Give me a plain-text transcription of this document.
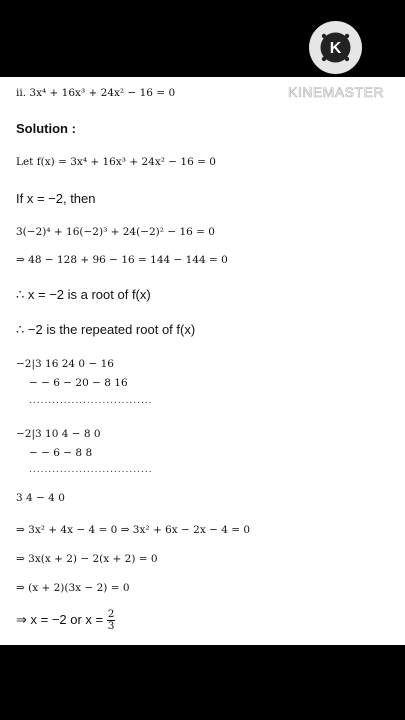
K
ii. 3x⁴ + 16x³ + 24x² − 16 = 0
Solution :
Let f(x) = 3x⁴ + 16x³ + 24x² − 16 = 0
If x = −2, then
3(−2)⁴ + 16(−2)³ + 24(−2)² − 16 = 0
⇒ 48 − 128 + 96 − 16 = 144 − 144 = 0
∴ x = −2 is a root of f(x)
∴ −2 is the repeated root of f(x)
−2|3 16 24 0 − 16
− − 6 − 20 − 8 16
................................
−2|3 10 4 − 8 0
− − 6 − 8 8
................................
3 4 − 4 0
⇒ 3x² + 4x − 4 = 0 ⇒ 3x² + 6x − 2x − 4 = 0
⇒ 3x(x + 2) − 2(x + 2) = 0
⇒ (x + 2)(3x − 2) = 0
⇒ x = −2 or $x = \frac{2}{3}$
KINEMASTER
